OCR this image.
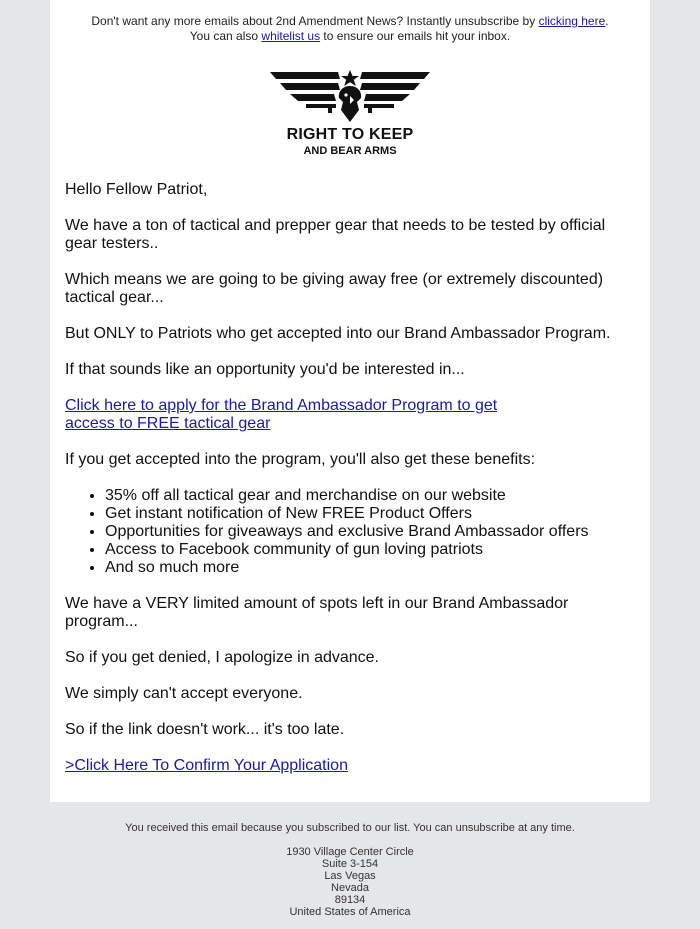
Don't want any more emails about 2nd Amendment News? Instantly unsubscribe by clicking here.
You can also whitelist us to ensure our emails hit your inbox.
RIGHT TO KEEP
AND BEAR ARMS

Hello Fellow Patriot,

We have a ton of tactical and prepper gear that needs to be tested by official gear testers..

Which means we are going to be giving away free (or extremely discounted) tactical gear...

But ONLY to Patriots who get accepted into our Brand Ambassador Program.

If that sounds like an opportunity you'd be interested in...

Click here to apply for the Brand Ambassador Program to get access to FREE tactical gear

If you get accepted into the program, you'll also get these benefits:

• 35% off all tactical gear and merchandise on our website
• Get instant notification of New FREE Product Offers
• Opportunities for giveaways and exclusive Brand Ambassador offers
• Access to Facebook community of gun loving patriots
• And so much more

We have a VERY limited amount of spots left in our Brand Ambassador program...

So if you get denied, I apologize in advance.

We simply can't accept everyone.

So if the link doesn't work... it's too late.

>Click Here To Confirm Your Application

You received this email because you subscribed to our list. You can unsubscribe at any time.
1930 Village Center Circle
Suite 3-154
Las Vegas
Nevada
89134
United States of America
